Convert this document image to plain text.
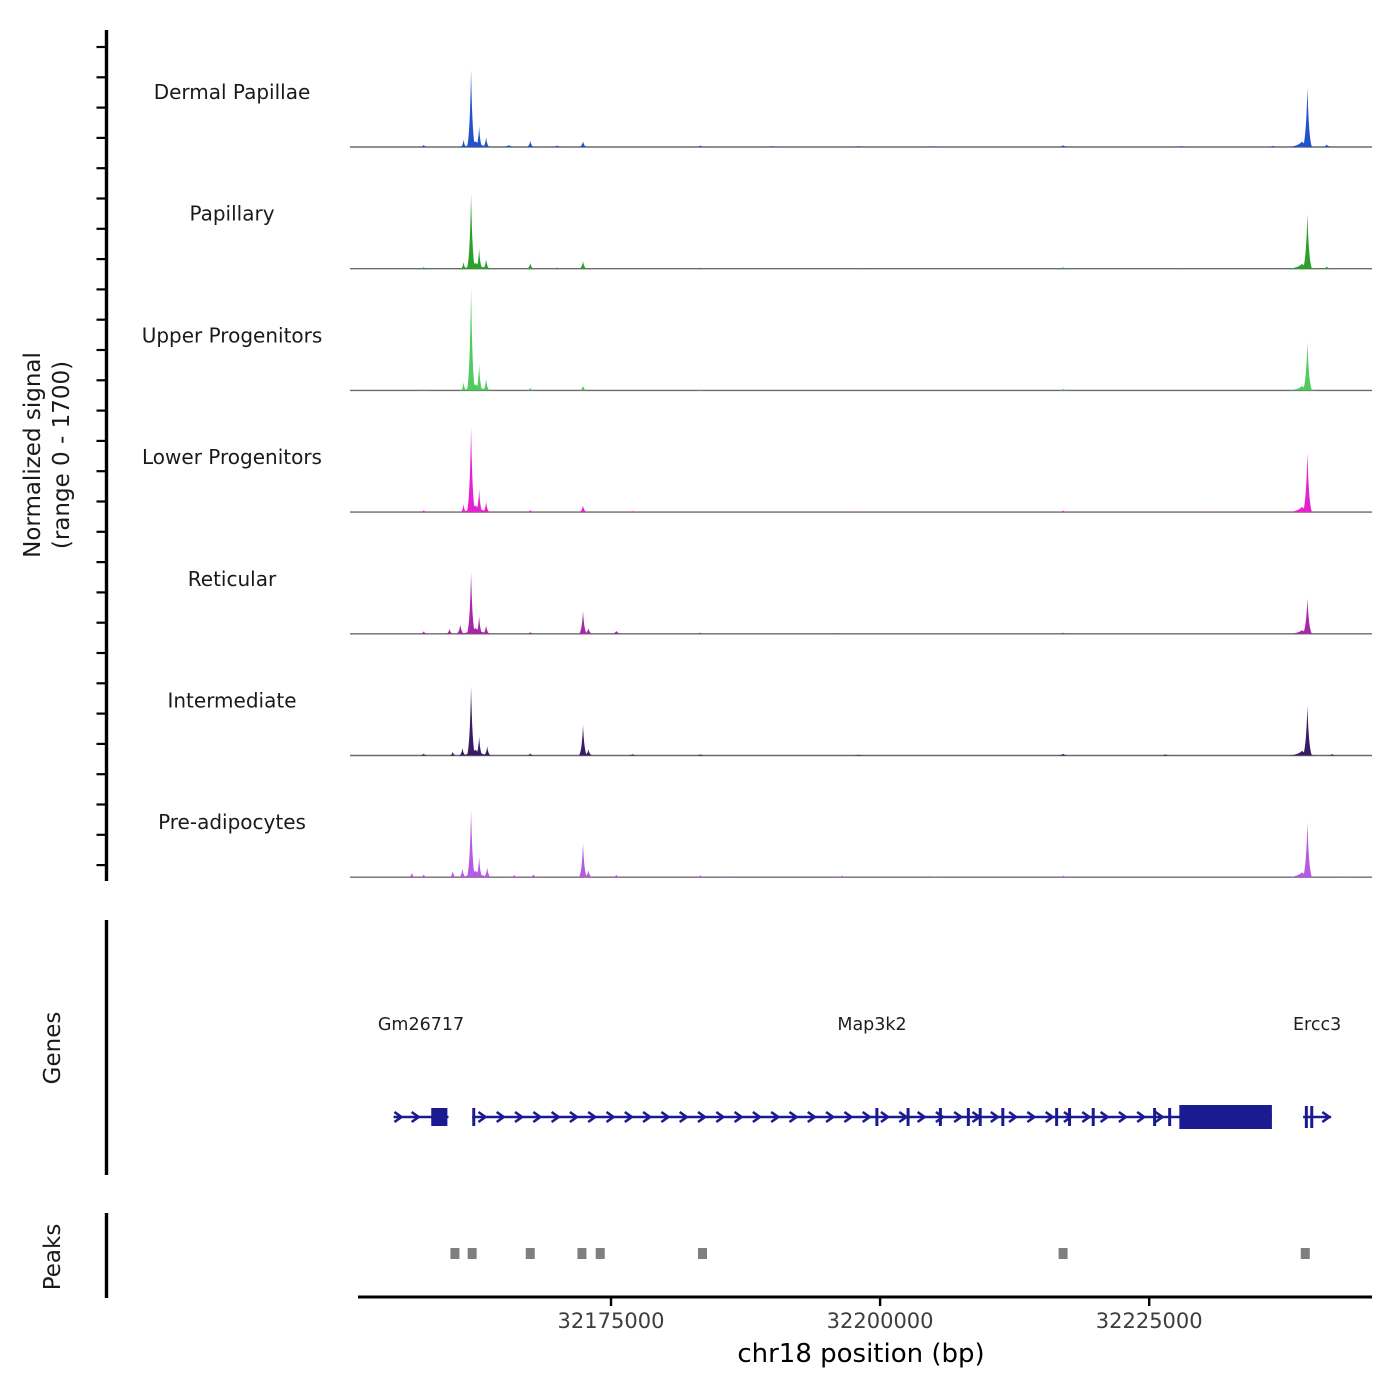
Dermal Papillae
Papillary
Upper Progenitors
Lower Progenitors
Reticular
Intermediate
Pre-adipocytes
Gm26717	Map3k2	Ercc3
32175000	32200000	32225000
Normalized signal (range 0 - 1700)
Genes
Peaks
chr18 position (bp)
